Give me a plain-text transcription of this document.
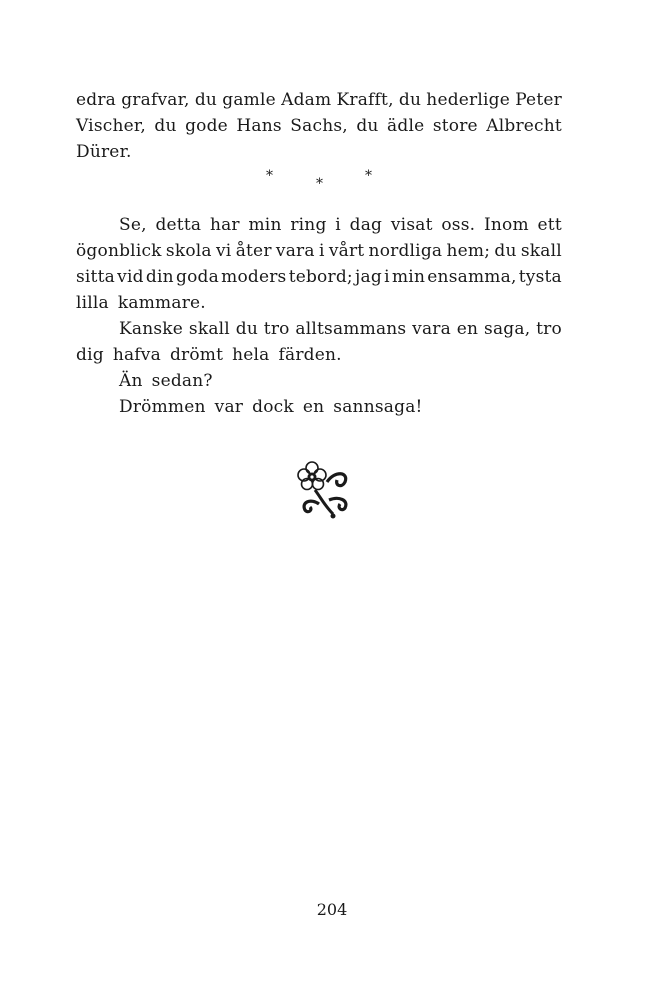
edra grafvar, du gamle Adam Krafft, du hederlige Peter
Vischer, du gode Hans Sachs, du ädle store Albrecht
Dürer.
*	*	*
Se, detta har min ring i dag visat oss. Inom ett
ögonblick skola vi åter vara i vårt nordliga hem; du skall
sitta vid din goda moders tebord; jag i min ensamma, tysta
lilla kammare.
Kanske skall du tro alltsammans vara en saga, tro
dig hafva drömt hela färden.
Än sedan?
Drömmen var dock en sannsaga!
204
